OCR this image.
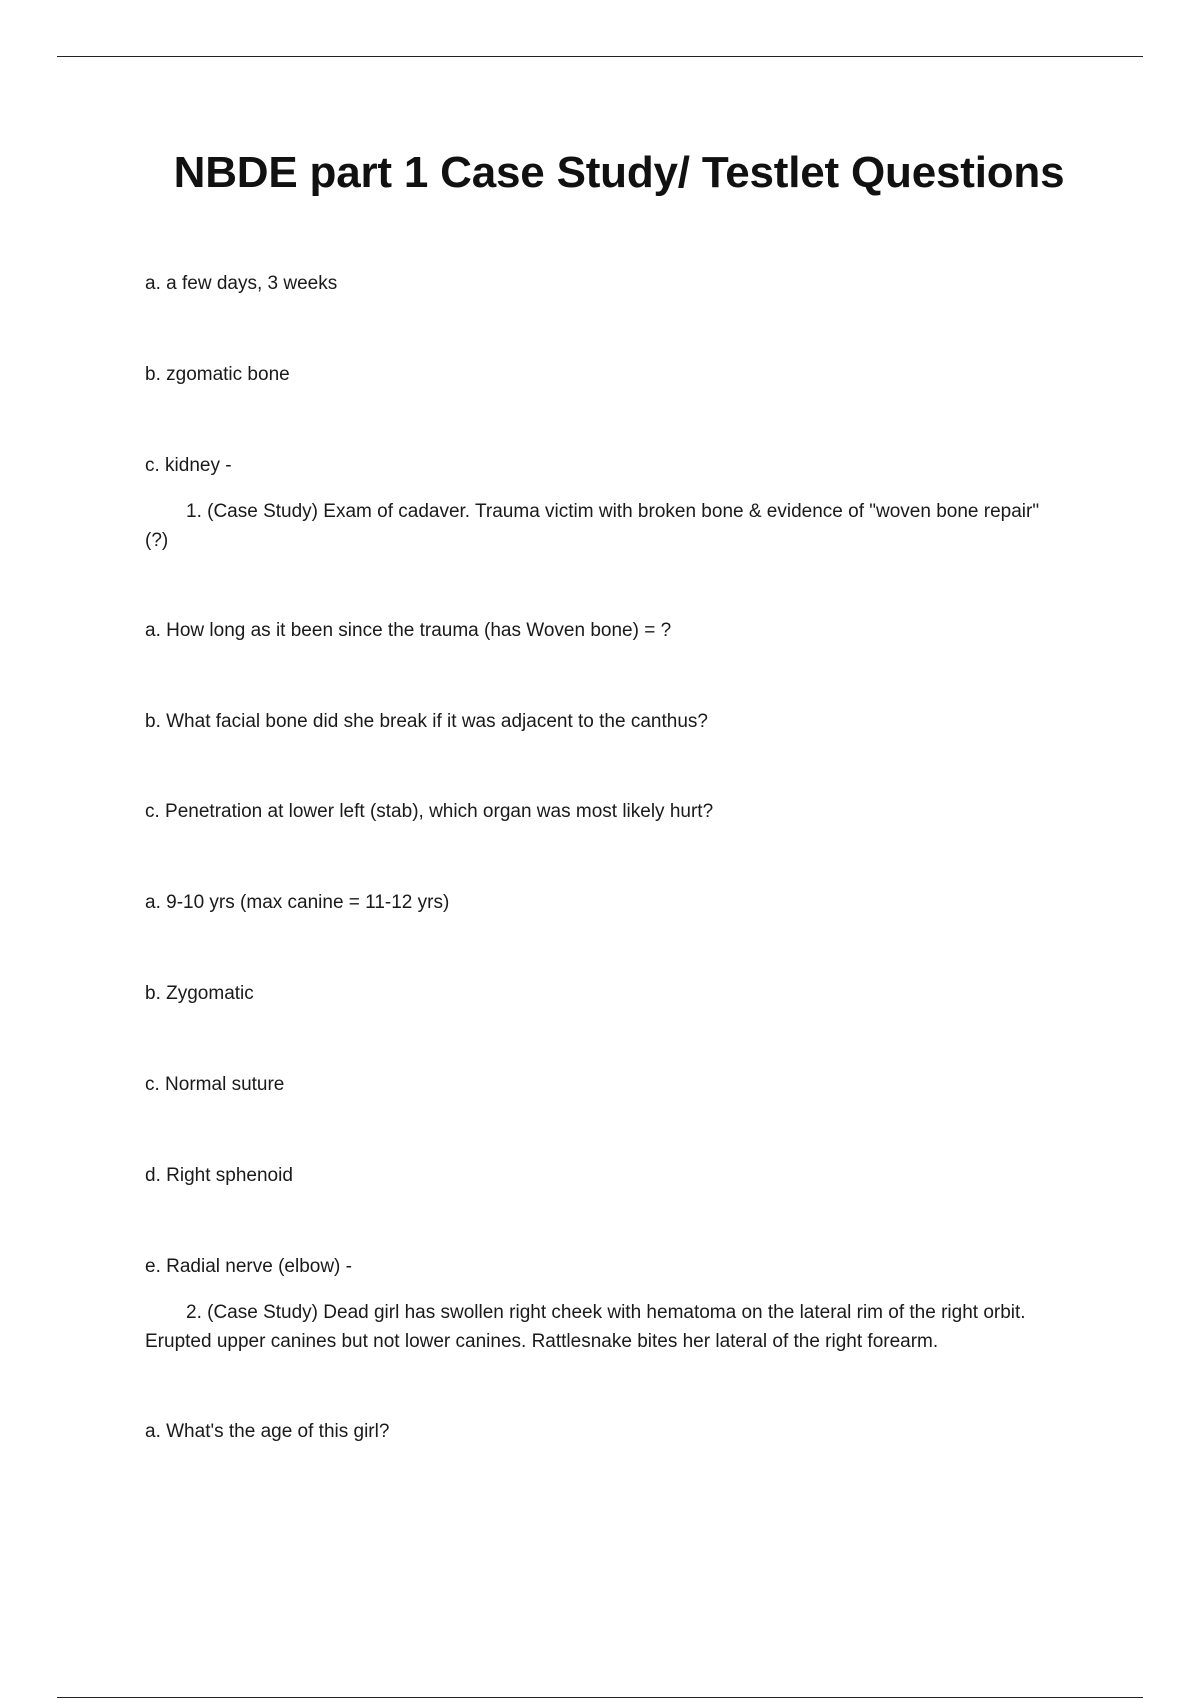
NBDE part 1 Case Study/ Testlet Questions
a. a few days, 3 weeks
b. zgomatic bone
c. kidney -
1. (Case Study) Exam of cadaver. Trauma victim with broken bone & evidence of "woven bone repair" (?)
a. How long as it been since the trauma (has Woven bone) = ?
b. What facial bone did she break if it was adjacent to the canthus?
c. Penetration at lower left (stab), which organ was most likely hurt?
a. 9-10 yrs (max canine = 11-12 yrs)
b. Zygomatic
c. Normal suture
d. Right sphenoid
e. Radial nerve (elbow) -
2. (Case Study) Dead girl has swollen right cheek with hematoma on the lateral rim of the right orbit. Erupted upper canines but not lower canines. Rattlesnake bites her lateral of the right forearm.
a. What's the age of this girl?
